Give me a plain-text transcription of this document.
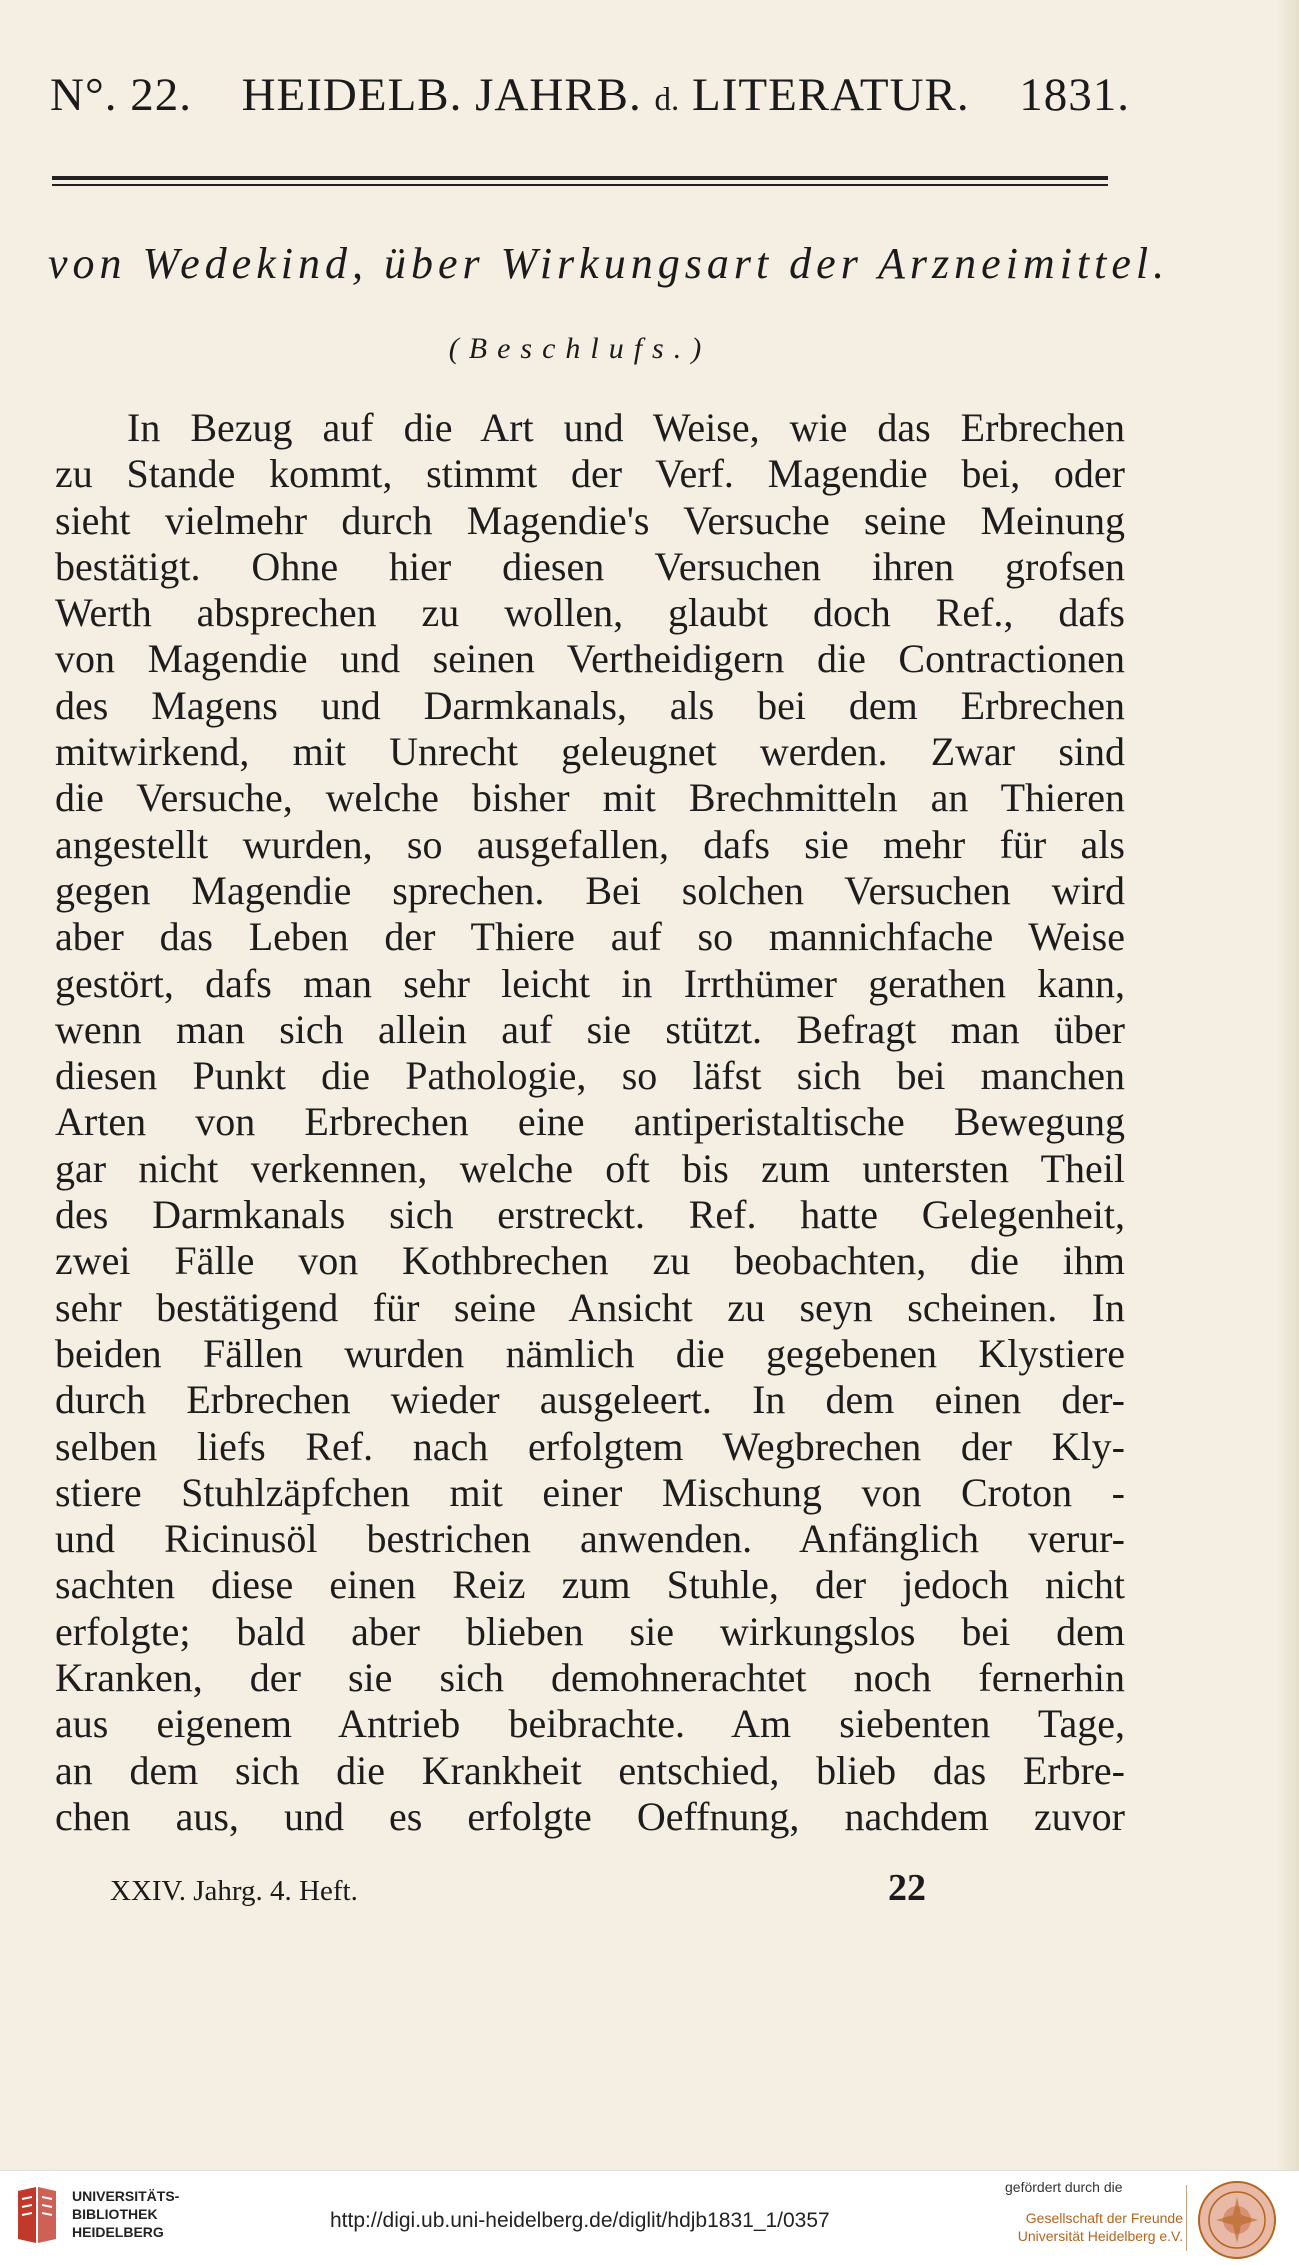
N°. 22. HEIDELB. JAHRB. d. LITERATUR. 1831.
von Wedekind, über Wirkungsart der Arzneimittel.
(Beschlufs.)
In Bezug auf die Art und Weise, wie das Erbrechen
zu Stande kommt, stimmt der Verf. Magendie bei, oder
sieht vielmehr durch Magendie's Versuche seine Meinung
bestätigt. Ohne hier diesen Versuchen ihren grofsen
Werth absprechen zu wollen, glaubt doch Ref., dafs
von Magendie und seinen Vertheidigern die Contractionen
des Magens und Darmkanals, als bei dem Erbrechen
mitwirkend, mit Unrecht geleugnet werden. Zwar sind
die Versuche, welche bisher mit Brechmitteln an Thieren
angestellt wurden, so ausgefallen, dafs sie mehr für als
gegen Magendie sprechen. Bei solchen Versuchen wird
aber das Leben der Thiere auf so mannichfache Weise
gestört, dafs man sehr leicht in Irrthümer gerathen kann,
wenn man sich allein auf sie stützt. Befragt man über
diesen Punkt die Pathologie, so läfst sich bei manchen
Arten von Erbrechen eine antiperistaltische Bewegung
gar nicht verkennen, welche oft bis zum untersten Theil
des Darmkanals sich erstreckt. Ref. hatte Gelegenheit,
zwei Fälle von Kothbrechen zu beobachten, die ihm
sehr bestätigend für seine Ansicht zu seyn scheinen. In
beiden Fällen wurden nämlich die gegebenen Klystiere
durch Erbrechen wieder ausgeleert. In dem einen der-
selben liefs Ref. nach erfolgtem Wegbrechen der Kly-
stiere Stuhlzäpfchen mit einer Mischung von Croton -
und Ricinusöl bestrichen anwenden. Anfänglich verur-
sachten diese einen Reiz zum Stuhle, der jedoch nicht
erfolgte; bald aber blieben sie wirkungslos bei dem
Kranken, der sie sich demohnerachtet noch fernerhin
aus eigenem Antrieb beibrachte. Am siebenten Tage,
an dem sich die Krankheit entschied, blieb das Erbre-
chen aus, und es erfolgte Oeffnung, nachdem zuvor
XXIV. Jahrg. 4. Heft.	22
UNIVERSITÄTS-
BIBLIOTHEK
HEIDELBERG	http://digi.ub.uni-heidelberg.de/diglit/hdjb1831_1/0357
gefördert durch die
Gesellschaft der Freunde
Universität Heidelberg e.V.
